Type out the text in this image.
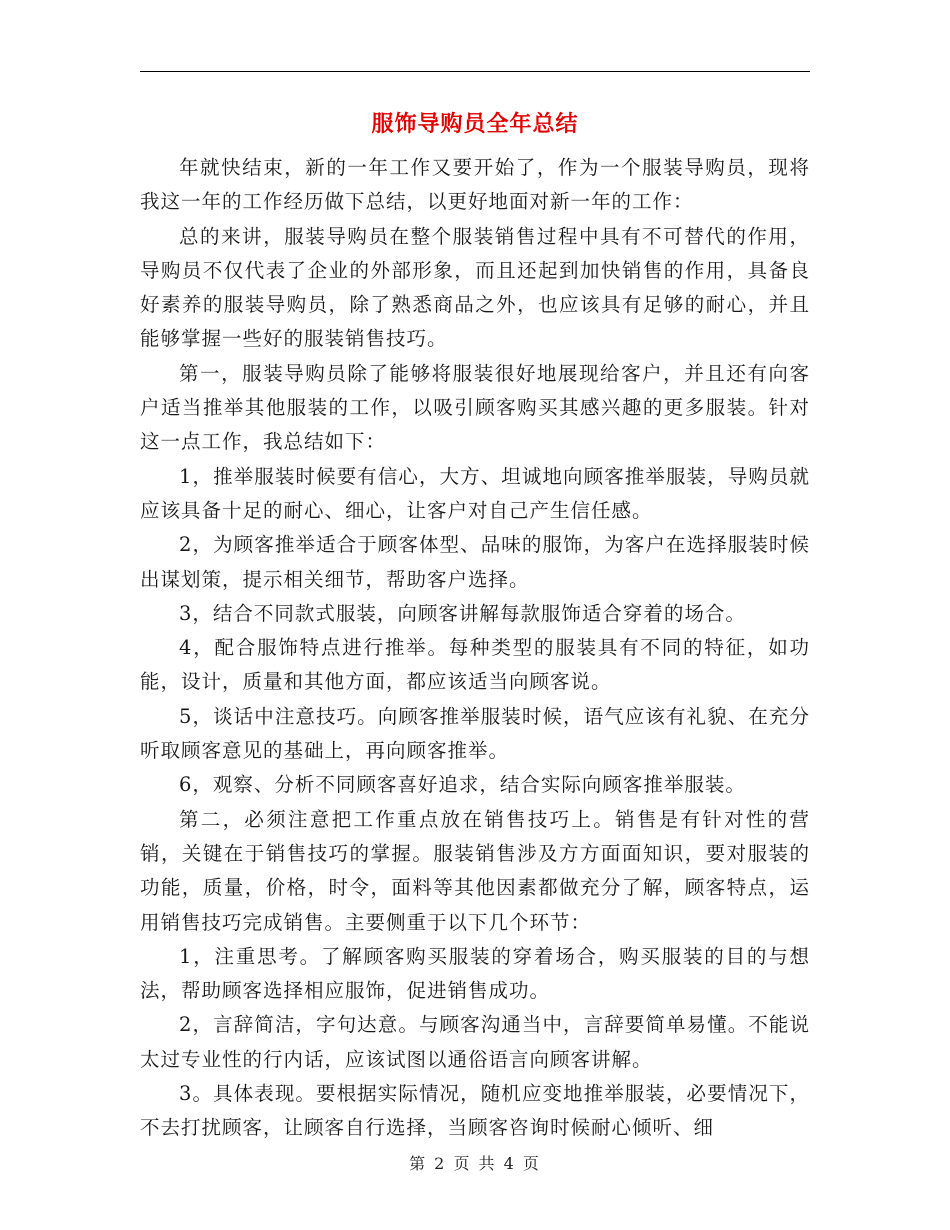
服饰导购员全年总结

年就快结束，新的一年工作又要开始了，作为一个服装导购员，现将我这一年的工作经历做下总结，以更好地面对新一年的工作：

总的来讲，服装导购员在整个服装销售过程中具有不可替代的作用，导购员不仅代表了企业的外部形象，而且还起到加快销售的作用，具备良好素养的服装导购员，除了熟悉商品之外，也应该具有足够的耐心，并且能够掌握一些好的服装销售技巧。

第一，服装导购员除了能够将服装很好地展现给客户，并且还有向客户适当推举其他服装的工作，以吸引顾客购买其感兴趣的更多服装。针对这一点工作，我总结如下：

1，推举服装时候要有信心，大方、坦诚地向顾客推举服装，导购员就应该具备十足的耐心、细心，让客户对自己产生信任感。

2，为顾客推举适合于顾客体型、品味的服饰，为客户在选择服装时候出谋划策，提示相关细节，帮助客户选择。

3，结合不同款式服装，向顾客讲解每款服饰适合穿着的场合。

4，配合服饰特点进行推举。每种类型的服装具有不同的特征，如功能，设计，质量和其他方面，都应该适当向顾客说。

5，谈话中注意技巧。向顾客推举服装时候，语气应该有礼貌、在充分听取顾客意见的基础上，再向顾客推举。

6，观察、分析不同顾客喜好追求，结合实际向顾客推举服装。

第二，必须注意把工作重点放在销售技巧上。销售是有针对性的营销，关键在于销售技巧的掌握。服装销售涉及方方面面知识，要对服装的功能，质量，价格，时令，面料等其他因素都做充分了解，顾客特点，运用销售技巧完成销售。主要侧重于以下几个环节：

1，注重思考。了解顾客购买服装的穿着场合，购买服装的目的与想法，帮助顾客选择相应服饰，促进销售成功。

2，言辞简洁，字句达意。与顾客沟通当中，言辞要简单易懂。不能说太过专业性的行内话，应该试图以通俗语言向顾客讲解。

3。具体表现。要根据实际情况，随机应变地推举服装，必要情况下，不去打扰顾客，让顾客自行选择，当顾客咨询时候耐心倾听、细

第 2 页 共 4 页
